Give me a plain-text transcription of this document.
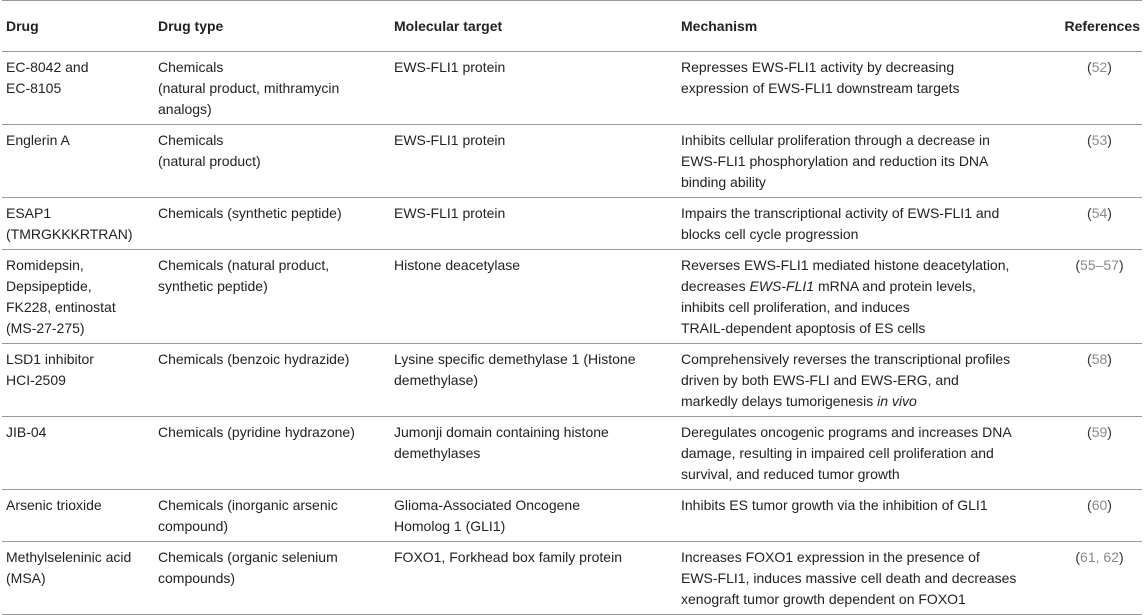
Drug	Drug type	Molecular target	Mechanism	References

EC-8042 and
EC-8105	Chemicals
(natural product, mithramycin
analogs)	EWS-FLI1 protein	Represses EWS-FLI1 activity by decreasing
expression of EWS-FLI1 downstream targets	(52)

Englerin A	Chemicals
(natural product)	EWS-FLI1 protein	Inhibits cellular proliferation through a decrease in
EWS-FLI1 phosphorylation and reduction its DNA
binding ability	(53)

ESAP1
(TMRGKKKRTRAN)	Chemicals (synthetic peptide)	EWS-FLI1 protein	Impairs the transcriptional activity of EWS-FLI1 and
blocks cell cycle progression	(54)

Romidepsin,
Depsipeptide,
FK228, entinostat
(MS-27-275)	Chemicals (natural product,
synthetic peptide)	Histone deacetylase	Reverses EWS-FLI1 mediated histone deacetylation,
decreases EWS-FLI1 mRNA and protein levels,
inhibits cell proliferation, and induces
TRAIL-dependent apoptosis of ES cells	(55–57)

LSD1 inhibitor
HCI-2509	Chemicals (benzoic hydrazide)	Lysine specific demethylase 1 (Histone
demethylase)	Comprehensively reverses the transcriptional profiles
driven by both EWS-FLI and EWS-ERG, and
markedly delays tumorigenesis in vivo	(58)

JIB-04	Chemicals (pyridine hydrazone)	Jumonji domain containing histone
demethylases	Deregulates oncogenic programs and increases DNA
damage, resulting in impaired cell proliferation and
survival, and reduced tumor growth	(59)

Arsenic trioxide	Chemicals (inorganic arsenic
compound)	Glioma-Associated Oncogene
Homolog 1 (GLI1)	Inhibits ES tumor growth via the inhibition of GLI1	(60)

Methylseleninic acid
(MSA)	Chemicals (organic selenium
compounds)	FOXO1, Forkhead box family protein	Increases FOXO1 expression in the presence of
EWS-FLI1, induces massive cell death and decreases
xenograft tumor growth dependent on FOXO1	(61, 62)
